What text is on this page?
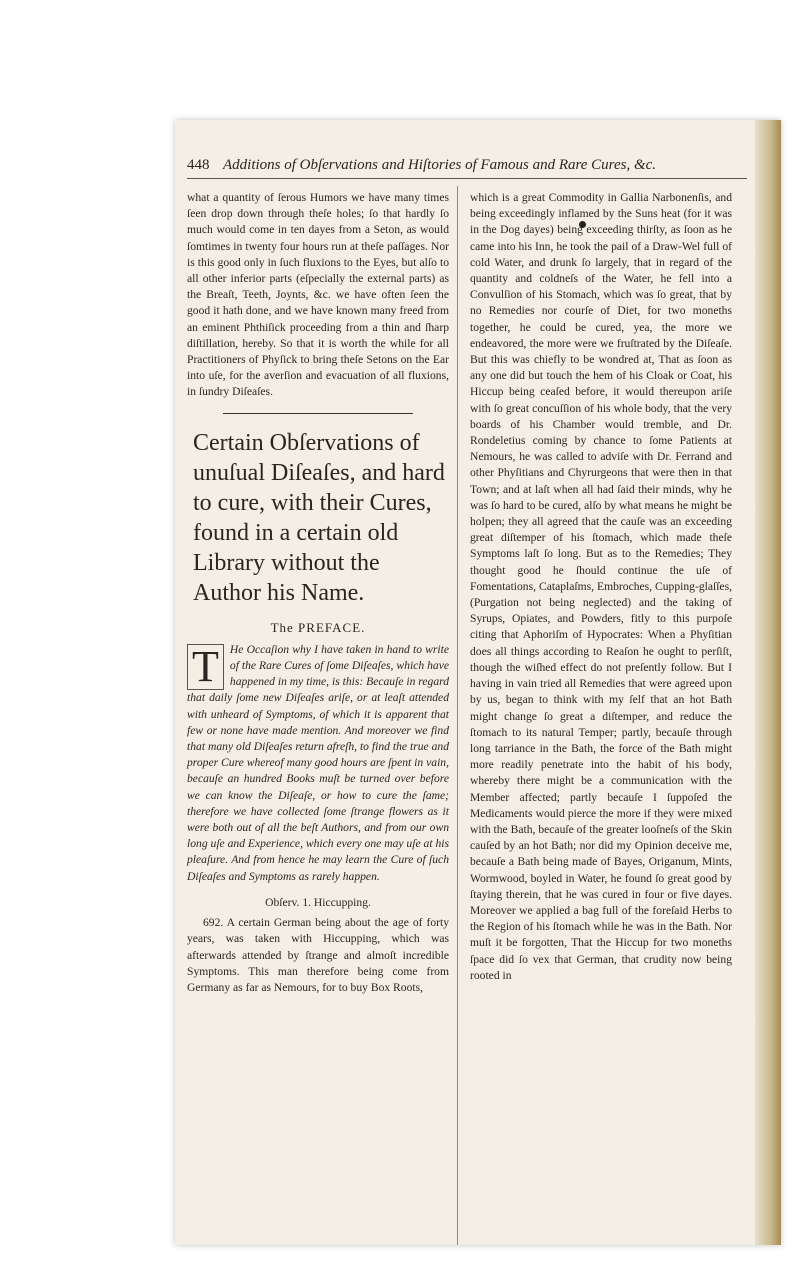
448 Additions of Obſervations and Hiſtories of Famous and Rare Cures, &c.

what a quantity of ſerous Humors we have many times ſeen drop down through theſe holes; ſo that hardly ſo much would come in ten dayes from a Seton, as would ſomtimes in twenty four hours run at theſe paſſages. Nor is this good only in ſuch fluxions to the Eyes, but alſo to all other inferior parts (eſpecially the external parts) as the Breaſt, Teeth, Joynts, &c. we have often ſeen the good it hath done, and we have known many freed from an eminent Phthiſick proceeding from a thin and ſharp diſtillation, hereby. So that it is worth the while for all Practitioners of Phyſick to bring theſe Setons on the Ear into uſe, for the averſion and evacuation of all fluxions, in ſundry Diſeaſes.

Certain Obſervations of unuſual Diſeaſes, and hard to cure, with their Cures, found in a certain old Library without the Author his Name.
The PREFACE.

T He Occaſion why I have taken in hand to write of the Rare Cures of ſome Diſeaſes, which have happened in my time, is this: Becauſe in regard that daily ſome new Diſeaſes ariſe, or at leaſt attended with unheard of Symptoms, of which it is apparent that few or none have made mention. And moreover we find that many old Diſeaſes return afreſh, to find the true and proper Cure whereof many good hours are ſpent in vain, becauſe an hundred Books muſt be turned over before we can know the Diſeaſe, or how to cure the ſame; therefore we have collected ſome ſtrange flowers as it were both out of all the beſt Authors, and from our own long uſe and Experience, which every one may uſe at his pleaſure. And from hence he may learn the Cure of ſuch Diſeaſes and Symptoms as rarely happen.

Obſerv. 1. Hiccupping.

692. A certain German being about the age of forty years, was taken with Hiccupping, which was afterwards attended by ſtrange and almoſt incredible Symptoms. This man therefore being come from Germany as far as Nemours, for to buy Box Roots,

which is a great Commodity in Gallia Narbonenſis, and being exceedingly inflamed by the Suns heat (for it was in the Dog dayes) being exceeding thirſty, as ſoon as he came into his Inn, he took the pail of a Draw-Wel full of cold Water, and drunk ſo largely, that in regard of the quantity and coldneſs of the Water, he fell into a Convulſion of his Stomach, which was ſo great, that by no Remedies nor courſe of Diet, for two moneths together, he could be cured, yea, the more we endeavored, the more were we fruſtrated by the Diſeaſe. But this was chiefly to be wondred at, That as ſoon as any one did but touch the hem of his Cloak or Coat, his Hiccup being ceaſed before, it would thereupon ariſe with ſo great concuſſion of his whole body, that the very boards of his Chamber would tremble, and Dr. Rondeletius coming by chance to ſome Patients at Nemours, he was called to adviſe with Dr. Ferrand and other Phyſitians and Chyrurgeons that were then in that Town; and at laſt when all had ſaid their minds, why he was ſo hard to be cured, alſo by what means he might be holpen; they all agreed that the cauſe was an exceeding great diſtemper of his ſtomach, which made theſe Symptoms laſt ſo long. But as to the Remedies; They thought good he ſhould continue the uſe of Fomentations, Cataplaſms, Embroches, Cupping-glaſſes, (Purgation not being neglected) and the taking of Syrups, Opiates, and Powders, fitly to this purpoſe citing that Aphoriſm of Hypocrates: When a Phyſitian does all things according to Reaſon he ought to perſiſt, though the wiſhed effect do not preſently follow. But I having in vain tried all Remedies that were agreed upon by us, began to think with my ſelf that an hot Bath might change ſo great a diſtemper, and reduce the ſtomach to its natural Temper; partly, becauſe through long tarriance in the Bath, the force of the Bath might more readily penetrate into the habit of his body, whereby there might be a communication with the Member affected; partly becauſe I ſuppoſed the Medicaments would pierce the more if they were mixed with the Bath, becauſe of the greater looſneſs of the Skin cauſed by an hot Bath; nor did my Opinion deceive me, becauſe a Bath being made of Bayes, Origanum, Mints, Wormwood, boyled in Water, he found ſo great good by ſtaying therein, that he was cured in four or five dayes. Moreover we applied a bag full of the foreſaid Herbs to the Region of his ſtomach while he was in the Bath. Nor muſt it be forgotten, That the Hiccup for two moneths ſpace did ſo vex that German, that crudity now being rooted in
